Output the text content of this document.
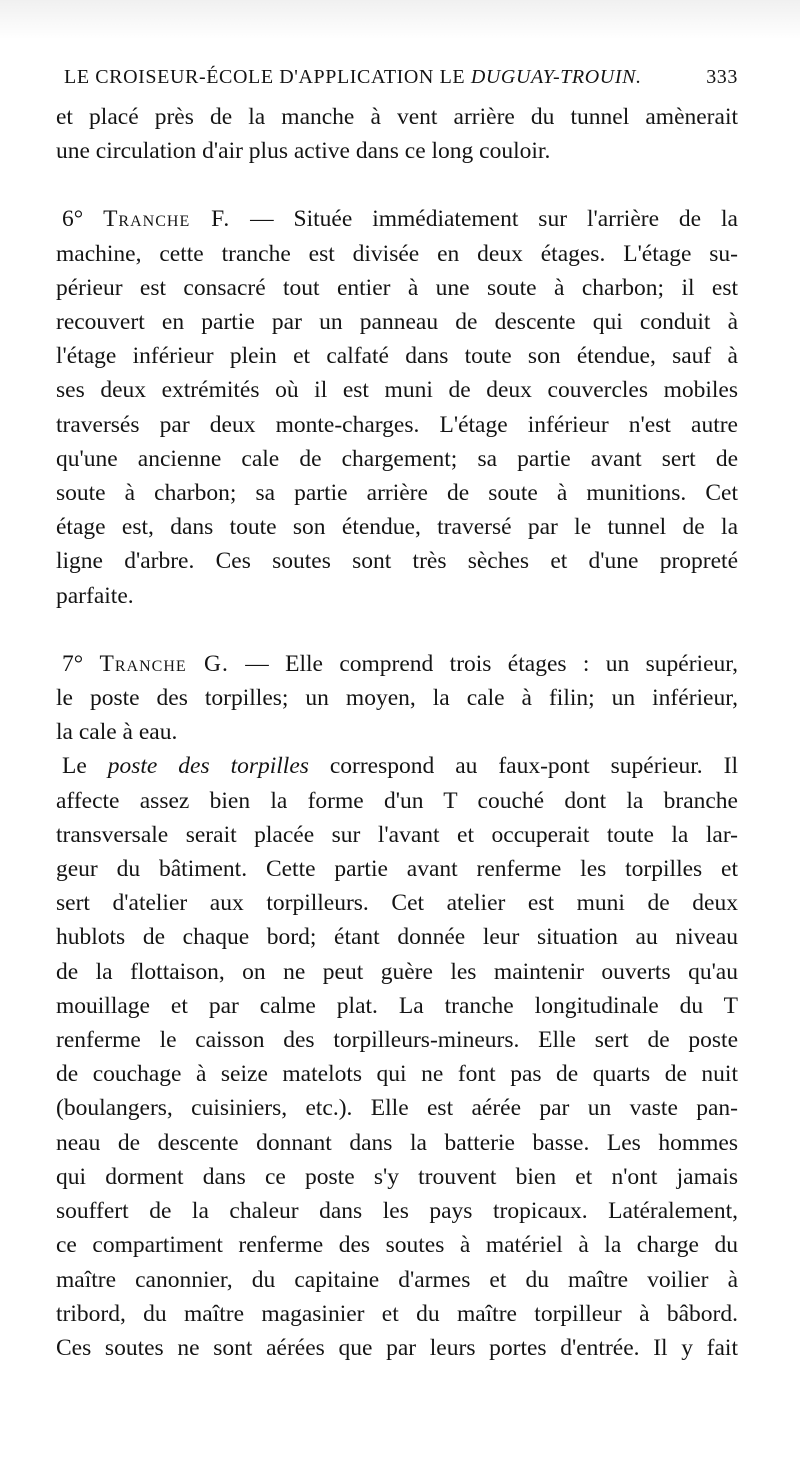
LE CROISEUR-ÉCOLE D'APPLICATION LE DUGUAY-TROUIN.	333
et placé près de la manche à vent arrière du tunnel amènerait
une circulation d'air plus active dans ce long couloir.
6° Tranche F. — Située immédiatement sur l'arrière de la
machine, cette tranche est divisée en deux étages. L'étage su-
périeur est consacré tout entier à une soute à charbon; il est
recouvert en partie par un panneau de descente qui conduit à
l'étage inférieur plein et calfaté dans toute son étendue, sauf à
ses deux extrémités où il est muni de deux couvercles mobiles
traversés par deux monte-charges. L'étage inférieur n'est autre
qu'une ancienne cale de chargement; sa partie avant sert de
soute à charbon; sa partie arrière de soute à munitions. Cet
étage est, dans toute son étendue, traversé par le tunnel de la
ligne d'arbre. Ces soutes sont très sèches et d'une propreté
parfaite.
7° Tranche G. — Elle comprend trois étages : un supérieur,
le poste des torpilles; un moyen, la cale à filin; un inférieur,
la cale à eau.
Le poste des torpilles correspond au faux-pont supérieur. Il
affecte assez bien la forme d'un T couché dont la branche
transversale serait placée sur l'avant et occuperait toute la lar-
geur du bâtiment. Cette partie avant renferme les torpilles et
sert d'atelier aux torpilleurs. Cet atelier est muni de deux
hublots de chaque bord; étant donnée leur situation au niveau
de la flottaison, on ne peut guère les maintenir ouverts qu'au
mouillage et par calme plat. La tranche longitudinale du T
renferme le caisson des torpilleurs-mineurs. Elle sert de poste
de couchage à seize matelots qui ne font pas de quarts de nuit
(boulangers, cuisiniers, etc.). Elle est aérée par un vaste pan-
neau de descente donnant dans la batterie basse. Les hommes
qui dorment dans ce poste s'y trouvent bien et n'ont jamais
souffert de la chaleur dans les pays tropicaux. Latéralement,
ce compartiment renferme des soutes à matériel à la charge du
maître canonnier, du capitaine d'armes et du maître voilier à
tribord, du maître magasinier et du maître torpilleur à bâbord.
Ces soutes ne sont aérées que par leurs portes d'entrée. Il y fait
